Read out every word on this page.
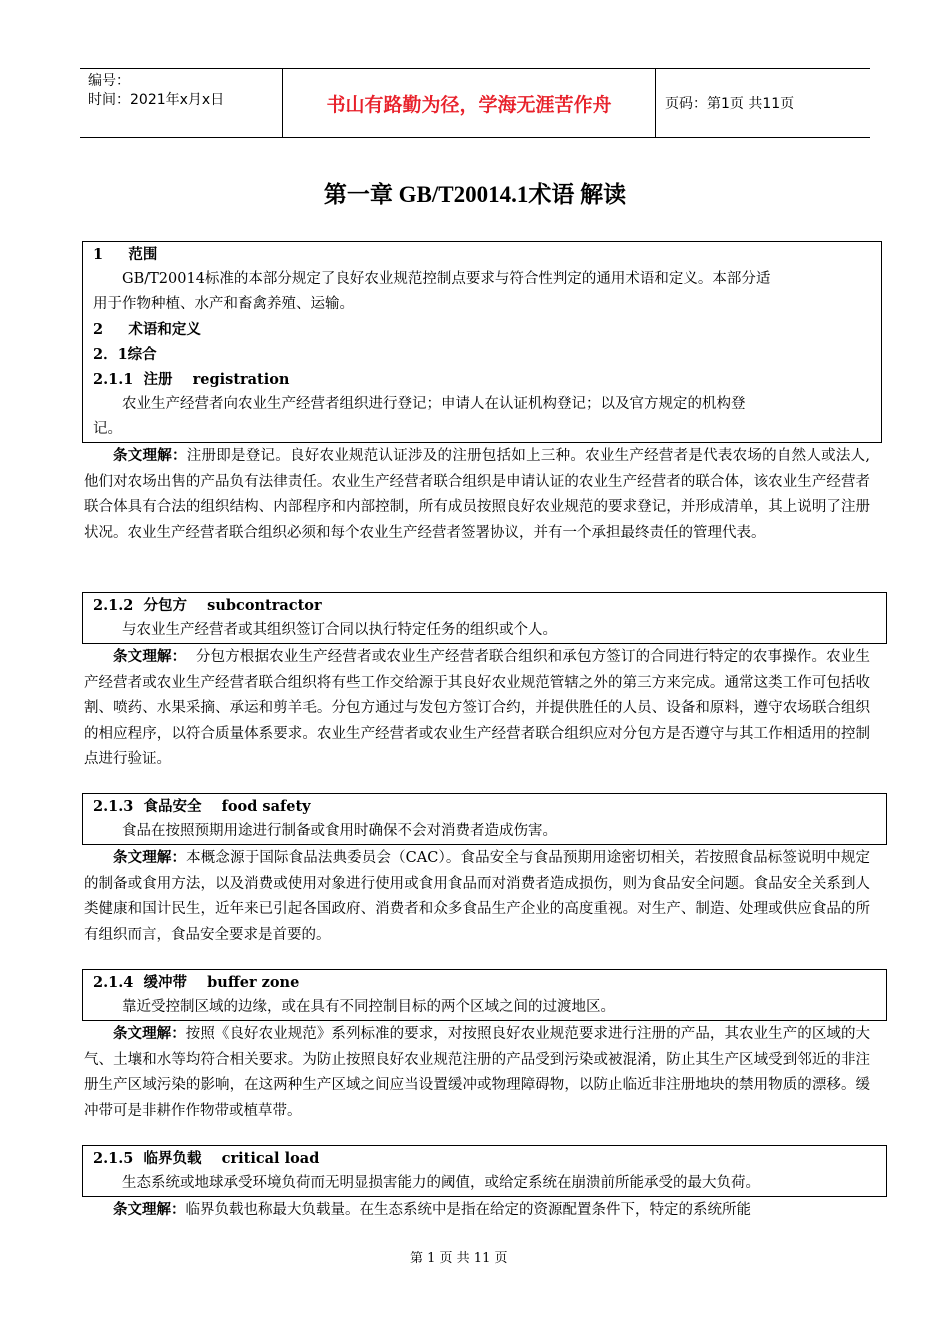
编号：
时间：2021年x月x日	书山有路勤为径，学海无涯苦作舟	页码：第1页 共11页
第一章 GB/T20014.1术语 解读
1     范围
GB/T20014标准的本部分规定了良好农业规范控制点要求与符合性判定的通用术语和定义。本部分适
用于作物种植、水产和畜禽养殖、运输。
2     术语和定义
2．1综合
2.1.1  注册    registration
农业生产经营者向农业生产经营者组织进行登记；申请人在认证机构登记；以及官方规定的机构登
记。
条文理解：注册即是登记。良好农业规范认证涉及的注册包括如上三种。农业生产经营者是代表农场的自然人或法人,他们对农场出售的产品负有法律责任。农业生产经营者联合组织是申请认证的农业生产经营者的联合体，该农业生产经营者联合体具有合法的组织结构、内部程序和内部控制，所有成员按照良好农业规范的要求登记，并形成清单，其上说明了注册状况。农业生产经营者联合组织必须和每个农业生产经营者签署协议，并有一个承担最终责任的管理代表。
2.1.2  分包方    subcontractor
与农业生产经营者或其组织签订合同以执行特定任务的组织或个人。
条文理解：  分包方根据农业生产经营者或农业生产经营者联合组织和承包方签订的合同进行特定的农事操作。农业生产经营者或农业生产经营者联合组织将有些工作交给源于其良好农业规范管辖之外的第三方来完成。通常这类工作可包括收割、喷药、水果采摘、承运和剪羊毛。分包方通过与发包方签订合约，并提供胜任的人员、设备和原料，遵守农场联合组织的相应程序，以符合质量体系要求。农业生产经营者或农业生产经营者联合组织应对分包方是否遵守与其工作相适用的控制点进行验证。
2.1.3  食品安全    food safety
食品在按照预期用途进行制备或食用时确保不会对消费者造成伤害。
条文理解：本概念源于国际食品法典委员会（CAC）。食品安全与食品预期用途密切相关，若按照食品标签说明中规定的制备或食用方法，以及消费或使用对象进行使用或食用食品而对消费者造成损伤，则为食品安全问题。食品安全关系到人类健康和国计民生，近年来已引起各国政府、消费者和众多食品生产企业的高度重视。对生产、制造、处理或供应食品的所有组织而言，食品安全要求是首要的。
2.1.4  缓冲带    buffer zone
靠近受控制区域的边缘，或在具有不同控制目标的两个区域之间的过渡地区。
条文理解：按照《良好农业规范》系列标准的要求，对按照良好农业规范要求进行注册的产品，其农业生产的区域的大气、土壤和水等均符合相关要求。为防止按照良好农业规范注册的产品受到污染或被混淆，防止其生产区域受到邻近的非注册生产区域污染的影响，在这两种生产区域之间应当设置缓冲或物理障碍物，以防止临近非注册地块的禁用物质的漂移。缓冲带可是非耕作作物带或植草带。
2.1.5  临界负载    critical load
生态系统或地球承受环境负荷而无明显损害能力的阈值，或给定系统在崩溃前所能承受的最大负荷。
条文理解：临界负载也称最大负载量。在生态系统中是指在给定的资源配置条件下，特定的系统所能
第 1 页 共 11 页
